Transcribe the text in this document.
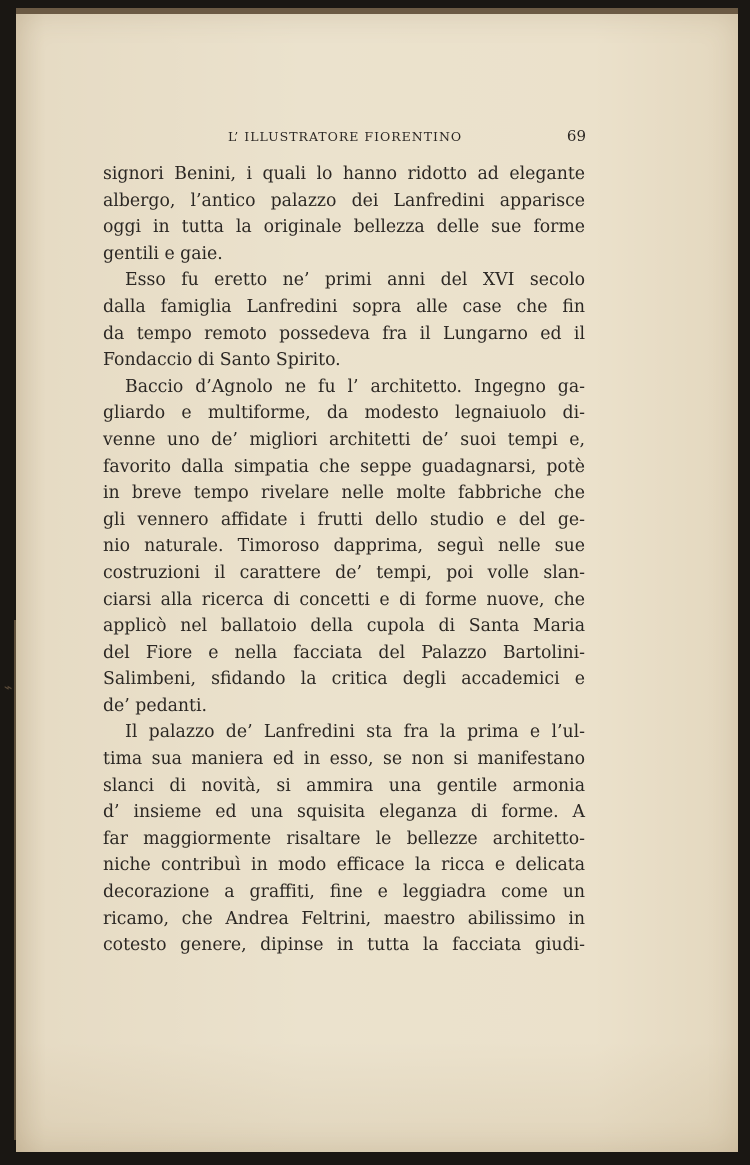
⌁
L’ ILLUSTRATORE FIORENTINO	69
signori Benini, i quali lo hanno ridotto ad elegante
albergo, l’antico palazzo dei Lanfredini apparisce
oggi in tutta la originale bellezza delle sue forme
gentili e gaie.
Esso fu eretto ne’ primi anni del XVI secolo
dalla famiglia Lanfredini sopra alle case che fin
da tempo remoto possedeva fra il Lungarno ed il
Fondaccio di Santo Spirito.
Baccio d’Agnolo ne fu l’ architetto. Ingegno ga-
gliardo e multiforme, da modesto legnaiuolo di-
venne uno de’ migliori architetti de’ suoi tempi e,
favorito dalla simpatia che seppe guadagnarsi, potè
in breve tempo rivelare nelle molte fabbriche che
gli vennero affidate i frutti dello studio e del ge-
nio naturale. Timoroso dapprima, seguì nelle sue
costruzioni il carattere de’ tempi, poi volle slan-
ciarsi alla ricerca di concetti e di forme nuove, che
applicò nel ballatoio della cupola di Santa Maria
del Fiore e nella facciata del Palazzo Bartolini-
Salimbeni, sfidando la critica degli accademici e
de’ pedanti.
Il palazzo de’ Lanfredini sta fra la prima e l’ul-
tima sua maniera ed in esso, se non si manifestano
slanci di novità, si ammira una gentile armonia
d’ insieme ed una squisita eleganza di forme. A
far maggiormente risaltare le bellezze architetto-
niche contribuì in modo efficace la ricca e delicata
decorazione a graffiti, fine e leggiadra come un
ricamo, che Andrea Feltrini, maestro abilissimo in
cotesto genere, dipinse in tutta la facciata giudi-
